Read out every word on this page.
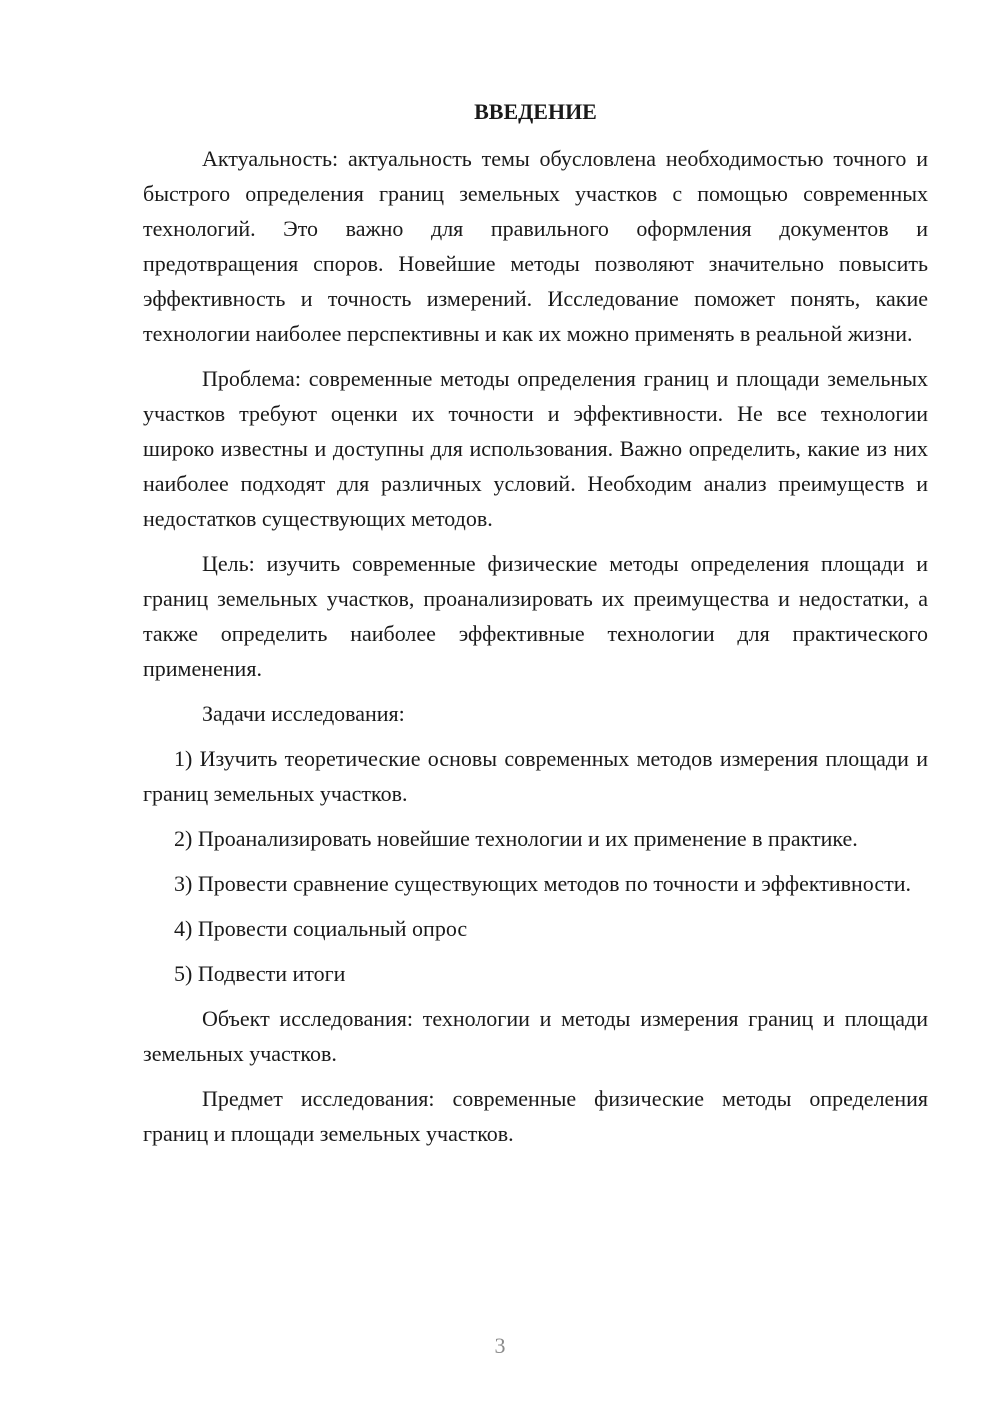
ВВЕДЕНИЕ

Актуальность: актуальность темы обусловлена необходимостью точного и быстрого определения границ земельных участков с помощью современных технологий. Это важно для правильного оформления документов и предотвращения споров. Новейшие методы позволяют значительно повысить эффективность и точность измерений. Исследование поможет понять, какие технологии наиболее перспективны и как их можно применять в реальной жизни.

Проблема: современные методы определения границ и площади земельных участков требуют оценки их точности и эффективности. Не все технологии широко известны и доступны для использования. Важно определить, какие из них наиболее подходят для различных условий. Необходим анализ преимуществ и недостатков существующих методов.

Цель: изучить современные физические методы определения площади и границ земельных участков, проанализировать их преимущества и недостатки, а также определить наиболее эффективные технологии для практического применения.

Задачи исследования:

1) Изучить теоретические основы современных методов измерения площади и границ земельных участков.

2) Проанализировать новейшие технологии и их применение в практике.

3) Провести сравнение существующих методов по точности и эффективности.

4) Провести социальный опрос

5) Подвести итоги

Объект исследования: технологии и методы измерения границ и площади земельных участков.

Предмет исследования: современные физические методы определения границ и площади земельных участков.

3
